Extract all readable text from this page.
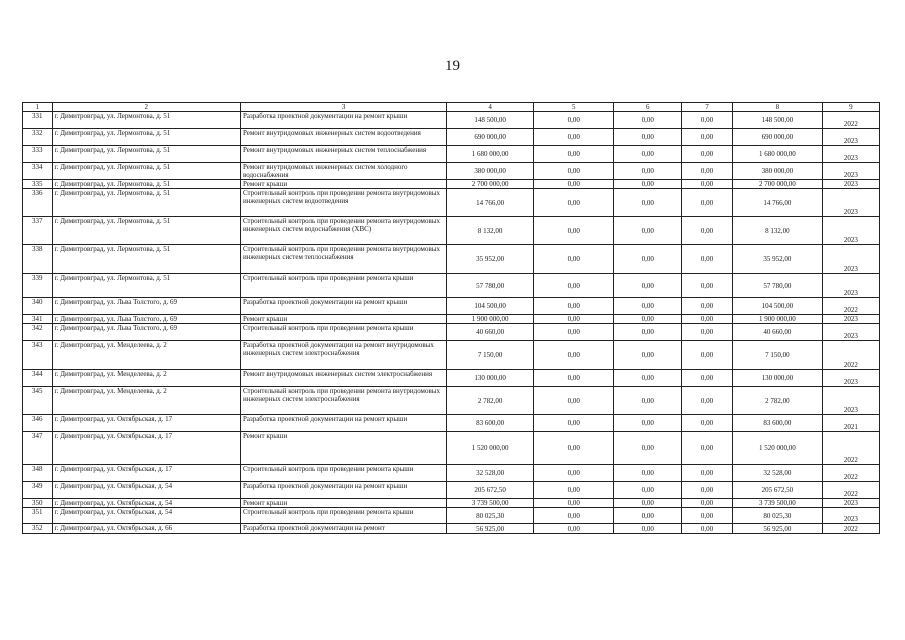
19
1	2	3	4	5	6	7	8	9
331	г. Димитровград, ул. Лермонтова, д. 51	Разработка проектной документации на ремонт крыши	148 500,00	0,00	0,00	0,00	148 500,00	2022
332	г. Димитровград, ул. Лермонтова, д. 51	Ремонт внутридомовых инженерных систем водоотведения	690 000,00	0,00	0,00	0,00	690 000,00	2023
333	г. Димитровград, ул. Лермонтова, д. 51	Ремонт внутридомовых инженерных систем теплоснабжения	1 680 000,00	0,00	0,00	0,00	1 680 000,00	2023
334	г. Димитровград, ул. Лермонтова, д. 51	Ремонт внутридомовых инженерных систем холодного водоснабжения	380 000,00	0,00	0,00	0,00	380 000,00	2023
335	г. Димитровград, ул. Лермонтова, д. 51	Ремонт крыши	2 700 000,00	0,00	0,00	0,00	2 700 000,00	2023
336	г. Димитровград, ул. Лермонтова, д. 51	Строительный контроль при проведении ремонта внутридомовых инженерных систем водоотведения	14 766,00	0,00	0,00	0,00	14 766,00	2023
337	г. Димитровград, ул. Лермонтова, д. 51	Строительный контроль при проведении ремонта внутридомовых инженерных систем водоснабжения (ХВС)	8 132,00	0,00	0,00	0,00	8 132,00	2023
338	г. Димитровград, ул. Лермонтова, д. 51	Строительный контроль при проведении ремонта внутридомовых инженерных систем теплоснабжения	35 952,00	0,00	0,00	0,00	35 952,00	2023
339	г. Димитровград, ул. Лермонтова, д. 51	Строительный контроль при проведении ремонта крыши	57 780,00	0,00	0,00	0,00	57 780,00	2023
340	г. Димитровград, ул. Льва Толстого, д. 69	Разработка проектной документации на ремонт крыши	104 500,00	0,00	0,00	0,00	104 500,00	2022
341	г. Димитровград, ул. Льва Толстого, д. 69	Ремонт крыши	1 900 000,00	0,00	0,00	0,00	1 900 000,00	2023
342	г. Димитровград, ул. Льва Толстого, д. 69	Строительный контроль при проведении ремонта крыши	40 660,00	0,00	0,00	0,00	40 660,00	2023
343	г. Димитровград, ул. Менделеева, д. 2	Разработка проектной документации на ремонт внутридомовых инженерных систем электроснабжения	7 150,00	0,00	0,00	0,00	7 150,00	2022
344	г. Димитровград, ул. Менделеева, д. 2	Ремонт внутридомовых инженерных систем электроснабжения	130 000,00	0,00	0,00	0,00	130 000,00	2023
345	г. Димитровград, ул. Менделеева, д. 2	Строительный контроль при проведении ремонта внутридомовых инженерных систем электроснабжения	2 782,00	0,00	0,00	0,00	2 782,00	2023
346	г. Димитровград, ул. Октябрьская, д. 17	Разработка проектной документации на ремонт крыши	83 600,00	0,00	0,00	0,00	83 600,00	2021
347	г. Димитровград, ул. Октябрьская, д. 17	Ремонт крыши	1 520 000,00	0,00	0,00	0,00	1 520 000,00	2022
348	г. Димитровград, ул. Октябрьская, д. 17	Строительный контроль при проведении ремонта крыши	32 528,00	0,00	0,00	0,00	32 528,00	2022
349	г. Димитровград, ул. Октябрьская, д. 54	Разработка проектной документации на ремонт крыши	205 672,50	0,00	0,00	0,00	205 672,50	2022
350	г. Димитровград, ул. Октябрьская, д. 54	Ремонт крыши	3 739 500,00	0,00	0,00	0,00	3 739 500,00	2023
351	г. Димитровград, ул. Октябрьская, д. 54	Строительный контроль при проведении ремонта крыши	80 025,30	0,00	0,00	0,00	80 025,30	2023
352	г. Димитровград, ул. Октябрьская, д. 66	Разработка проектной документации на ремонт	56 925,00	0,00	0,00	0,00	56 925,00	2022
